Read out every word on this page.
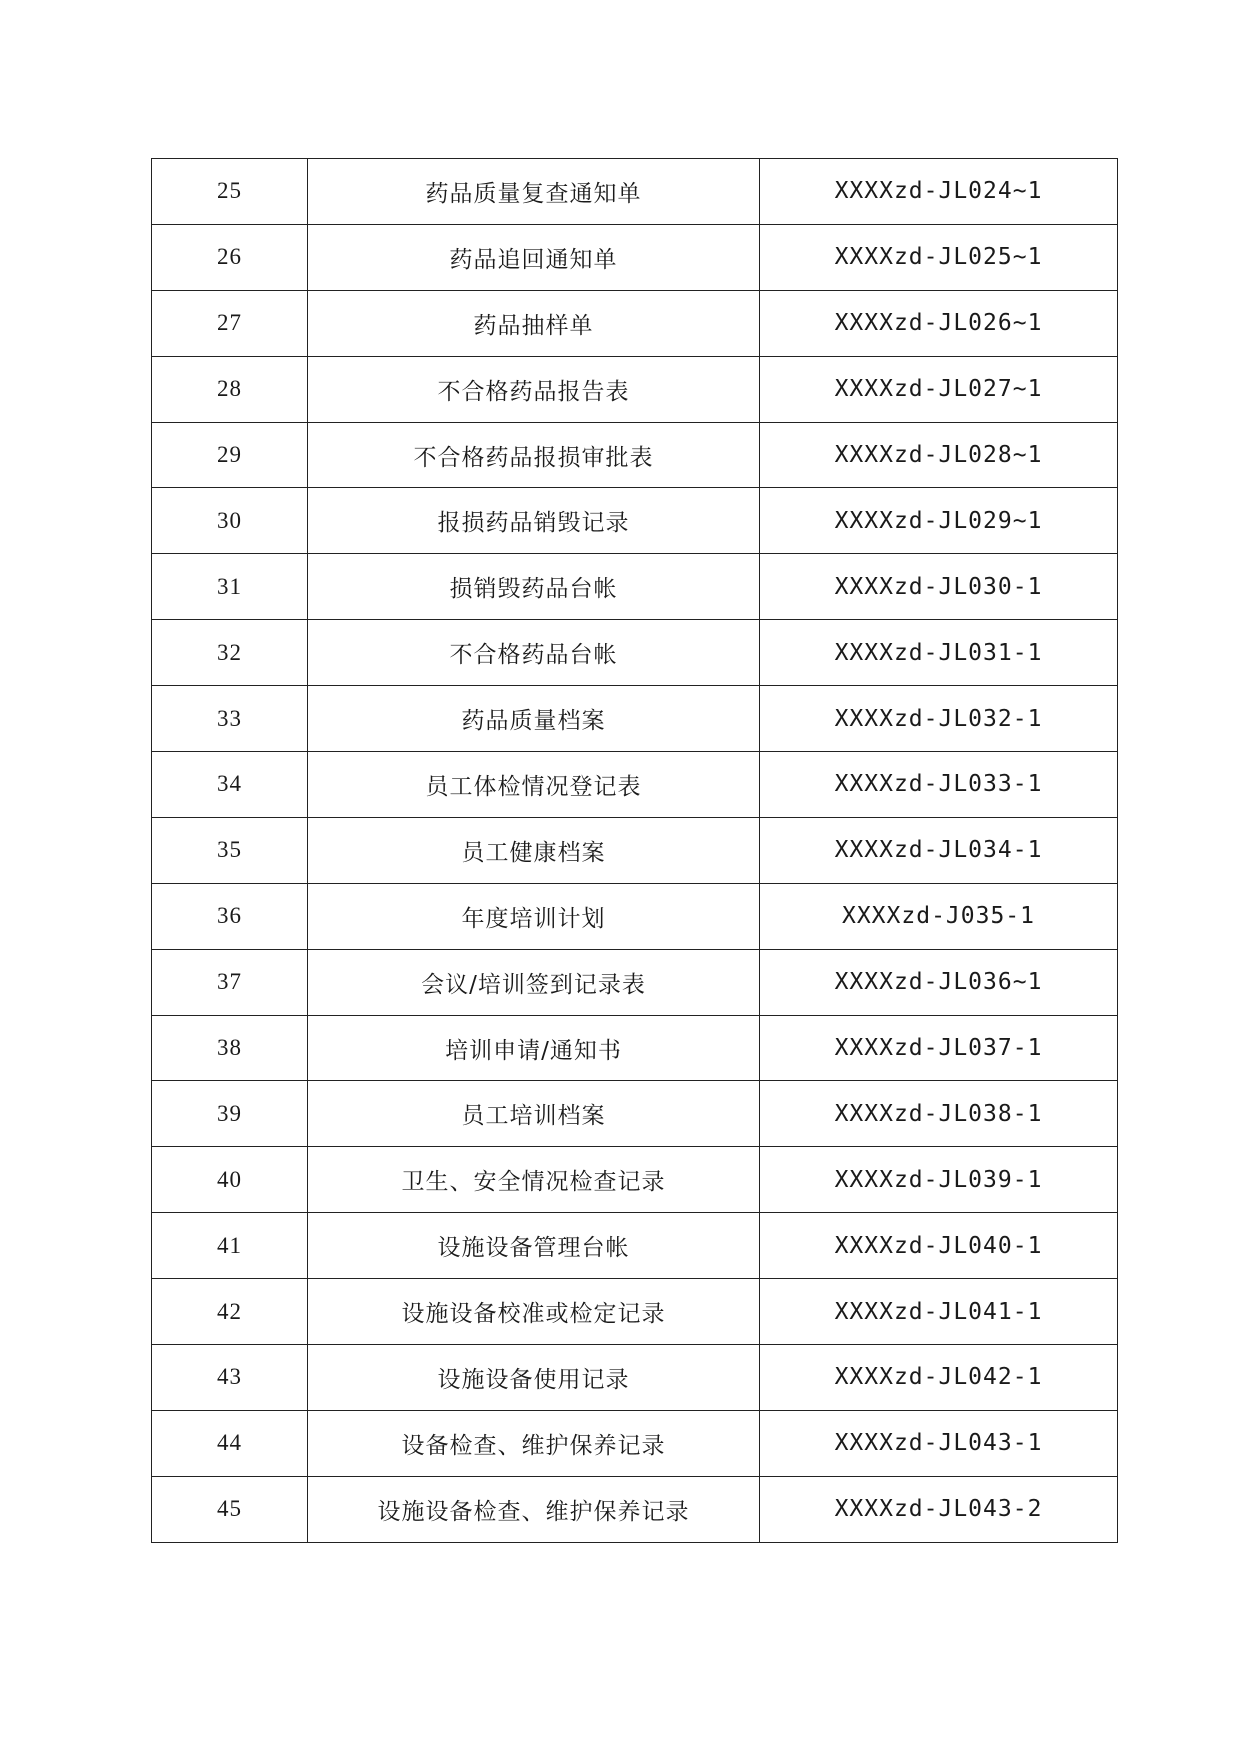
25	药品质量复查通知单	XXXXzd-JL024~1
26	药品追回通知单	XXXXzd-JL025~1
27	药品抽样单	XXXXzd-JL026~1
28	不合格药品报告表	XXXXzd-JL027~1
29	不合格药品报损审批表	XXXXzd-JL028~1
30	报损药品销毁记录	XXXXzd-JL029~1
31	损销毁药品台帐	XXXXzd-JL030-1
32	不合格药品台帐	XXXXzd-JL031-1
33	药品质量档案	XXXXzd-JL032-1
34	员工体检情况登记表	XXXXzd-JL033-1
35	员工健康档案	XXXXzd-JL034-1
36	年度培训计划	XXXXzd-J035-1
37	会议/培训签到记录表	XXXXzd-JL036~1
38	培训申请/通知书	XXXXzd-JL037-1
39	员工培训档案	XXXXzd-JL038-1
40	卫生、安全情况检查记录	XXXXzd-JL039-1
41	设施设备管理台帐	XXXXzd-JL040-1
42	设施设备校准或检定记录	XXXXzd-JL041-1
43	设施设备使用记录	XXXXzd-JL042-1
44	设备检查、维护保养记录	XXXXzd-JL043-1
45	设施设备检查、维护保养记录	XXXXzd-JL043-2
